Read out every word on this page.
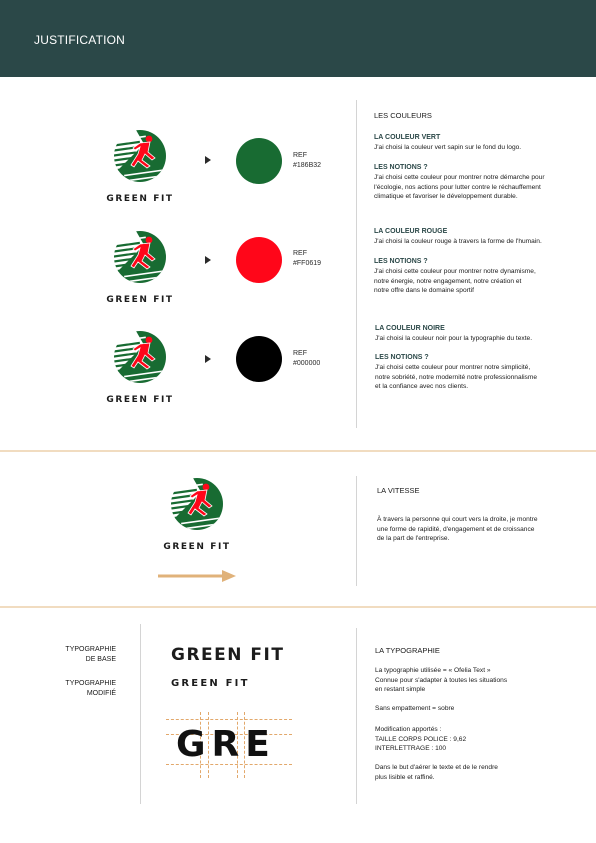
JUSTIFICATION
GREEN FIT
GREEN FIT
GREEN FIT
REF
#186B32
REF
#FF0619
REF
#000000
LES COULEURS
LA COULEUR VERT
J'ai choisi la couleur vert sapin sur le fond du logo.
LES NOTIONS ?
J'ai choisi cette couleur pour montrer notre démarche pour
l'écologie, nos actions pour lutter contre le réchauffement
climatique et favoriser le développement durable.
LA COULEUR ROUGE
J'ai choisi la couleur rouge à travers la forme de l'humain.
LES NOTIONS ?
J'ai choisi cette couleur pour montrer notre dynamisme,
notre énergie, notre engagement, notre création et
notre offre dans le domaine sportif
LA COULEUR NOIRE
J'ai choisi la couleur noir pour la typographie du texte.
LES NOTIONS ?
J'ai choisi cette couleur pour montrer notre simplicité,
notre sobriété, notre modernité notre professionnalisme
et la confiance avec nos clients.
GREEN FIT
LA VITESSE
À travers la personne qui court vers la droite, je montre
une forme de rapidité, d'engagement et de croissance
de la part de l'entreprise.
TYPOGRAPHIE
DE BASE
TYPOGRAPHIE
MODIFIÉ
GREEN FIT
GREEN FIT
GRE
LA TYPOGRAPHIE
La typographie utilisée = « Ofelia Text »
Connue pour s'adapter à toutes les situations
en restant simple
Sans empattement = sobre
Modification apportés :
TAILLE CORPS POLICE : 9,62
INTERLETTRAGE : 100
Dans le but d'aérer le texte et de le rendre
plus lisible et raffiné.
